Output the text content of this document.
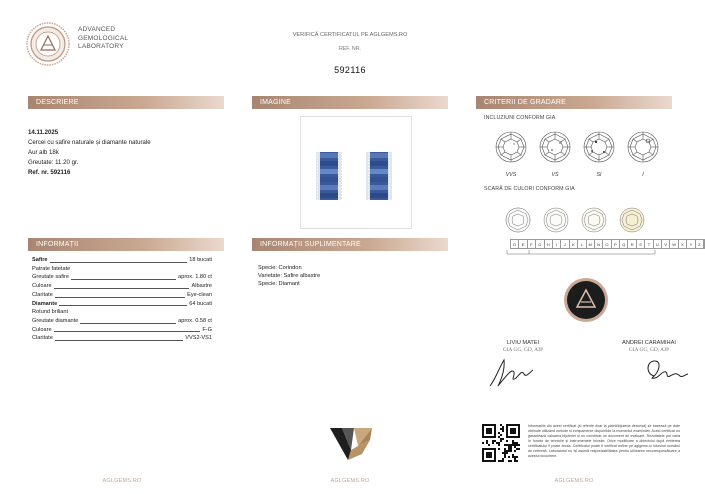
ADVANCED
GEMOLOGICAL
LABORATORY
VERIFICĂ CERTIFICATUL PE AGLGEMS.RO
REF. NR.
592116
DESCRIERE	IMAGINE	CRITERII DE GRADARE
INFORMAȚII	INFORMAȚII SUPLIMENTARE
14.11.2025
Cercei cu safire naturale și diamante naturale
Aur alb 18k
Greutate: 11.20 gr.
Ref. nr. 592116
Safire	18 bucati
Patrate fatetate
Greutate safire	aprox. 1.80 ct
Culoare	Albastre
Claritate	Eye-clean
Diamante	64 bucati
Rotund briliant
Greutate diamante	aprox. 0.58 ct
Culoare	F-G
Claritate	VVS2-VS1
Specie: Corindon
Varietate: Safire albastre
Specie: Diamant
INCLUZIUNI CONFORM GIA
VVS	VS	SI	I
SCARĂ DE CULORI CONFORM GIA
D	E	F	G	H	I	J	K	L	M	N	O	P	Q	R	S	T	U	V	W	X	Y	Z
LIVIU MATEI
GIA GG, GD, AJP
ANDREI CARAMIHAI
GIA GG, GD, AJP
Informațiile din acest certificat (și referite doar la piatră/bijuteria descrisă) se bazează pe date obținute utilizând metode și echipamente disponibile la momentul examinării. Acest certificat nu garantează valoarea bijuteriei și nu constituie un document de evaluare. Rezultatele pot varia în funcție de tehnicile și instrumentele folosite. Orice modificare a obiectului după emiterea certificatului îl poate anula. Certificatul poate fi verificat online pe aglgems.ro folosind numărul de referință. Laboratorul nu își asumă responsabilitatea pentru utilizarea necorespunzătoare a acestui document.
AGLGEMS.RO	AGLGEMS.RO	AGLGEMS.RO
